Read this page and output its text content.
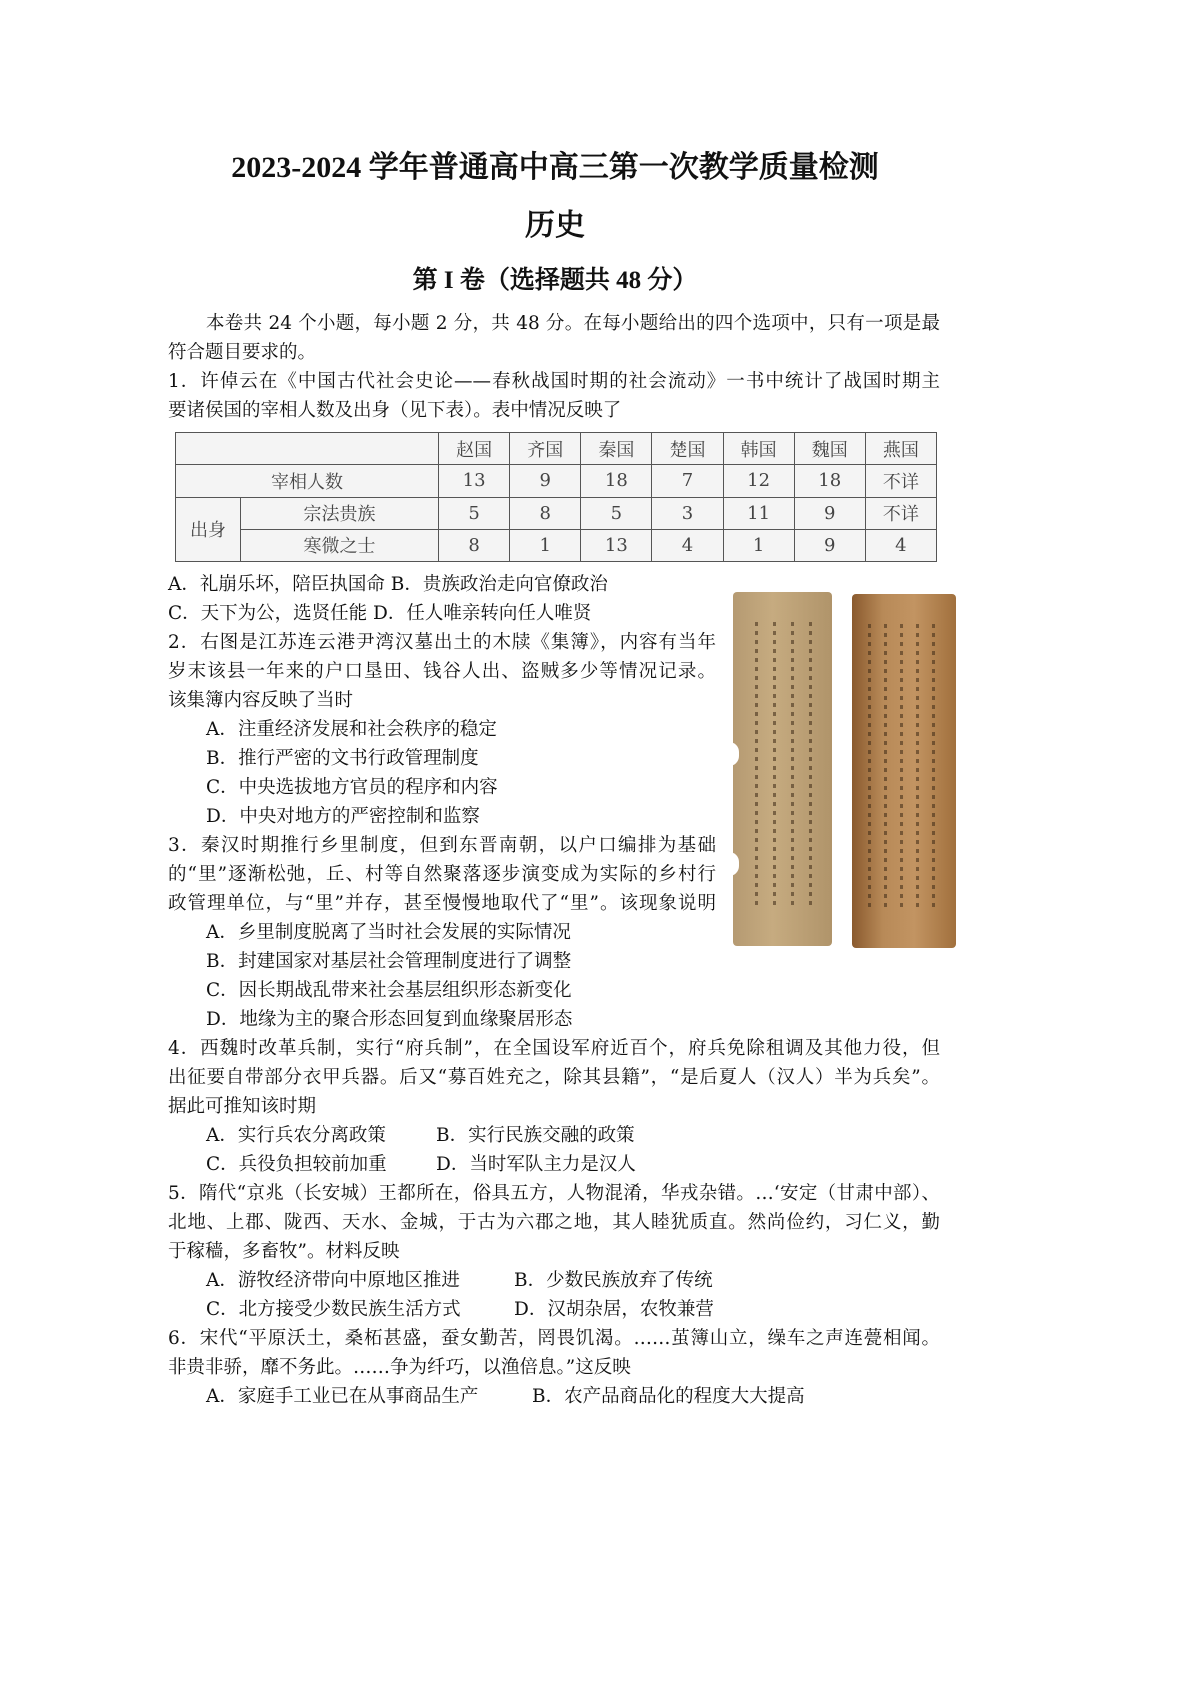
2023-2024 学年普通高中高三第一次教学质量检测
历史
第 I 卷（选择题共 48 分）
本卷共 24 个小题，每小题 2 分，共 48 分。在每小题给出的四个选项中，只有一项是最
符合题目要求的。
1．许倬云在《中国古代社会史论——春秋战国时期的社会流动》一书中统计了战国时期主
要诸侯国的宰相人数及出身（见下表）。表中情况反映了
		赵国	齐国	秦国	楚国	韩国	魏国	燕国
宰相人数		13	9	18	7	12	18	不详
出身	宗法贵族	5	8	5	3	11	9	不详
	寒微之士	8	1	13	4	1	9	4
A．礼崩乐坏，陪臣执国命 B．贵族政治走向官僚政治
C．天下为公，选贤任能 D．任人唯亲转向任人唯贤
2．右图是江苏连云港尹湾汉墓出土的木牍《集簿》，内容有当年
岁末该县一年来的户口垦田、钱谷人出、盗贼多少等情况记录。
该集簿内容反映了当时
A．注重经济发展和社会秩序的稳定
B．推行严密的文书行政管理制度
C．中央选拔地方官员的程序和内容
D．中央对地方的严密控制和监察
3．秦汉时期推行乡里制度，但到东晋南朝，以户口编排为基础
的“里”逐渐松弛，丘、村等自然聚落逐步演变成为实际的乡村行
政管理单位，与“里”并存，甚至慢慢地取代了“里”。该现象说明
A．乡里制度脱离了当时社会发展的实际情况
B．封建国家对基层社会管理制度进行了调整
C．因长期战乱带来社会基层组织形态新变化
D．地缘为主的聚合形态回复到血缘聚居形态
4．西魏时改革兵制，实行“府兵制”，在全国设军府近百个，府兵免除租调及其他力役，但
出征要自带部分衣甲兵器。后又“募百姓充之，除其县籍”，“是后夏人（汉人）半为兵矣”。
据此可推知该时期
A．实行兵农分离政策	B．实行民族交融的政策
C．兵役负担较前加重	D．当时军队主力是汉人
5．隋代“京兆（长安城）王都所在，俗具五方，人物混淆，华戎杂错。…‘安定（甘肃中部）、
北地、上郡、陇西、天水、金城，于古为六郡之地，其人睦犹质直。然尚俭约，习仁义，勤
于稼穑，多畜牧”。材料反映
A．游牧经济带向中原地区推进	B．少数民族放弃了传统
C．北方接受少数民族生活方式	D．汉胡杂居，农牧兼营
6．宋代“平原沃土，桑柘甚盛，蚕女勤苦，罔畏饥渴。……茧簿山立，缲车之声连甍相闻。
非贵非骄，靡不务此。……争为纤巧，以渔倍息。”这反映
A．家庭手工业已在从事商品生产	B．农产品商品化的程度大大提高
